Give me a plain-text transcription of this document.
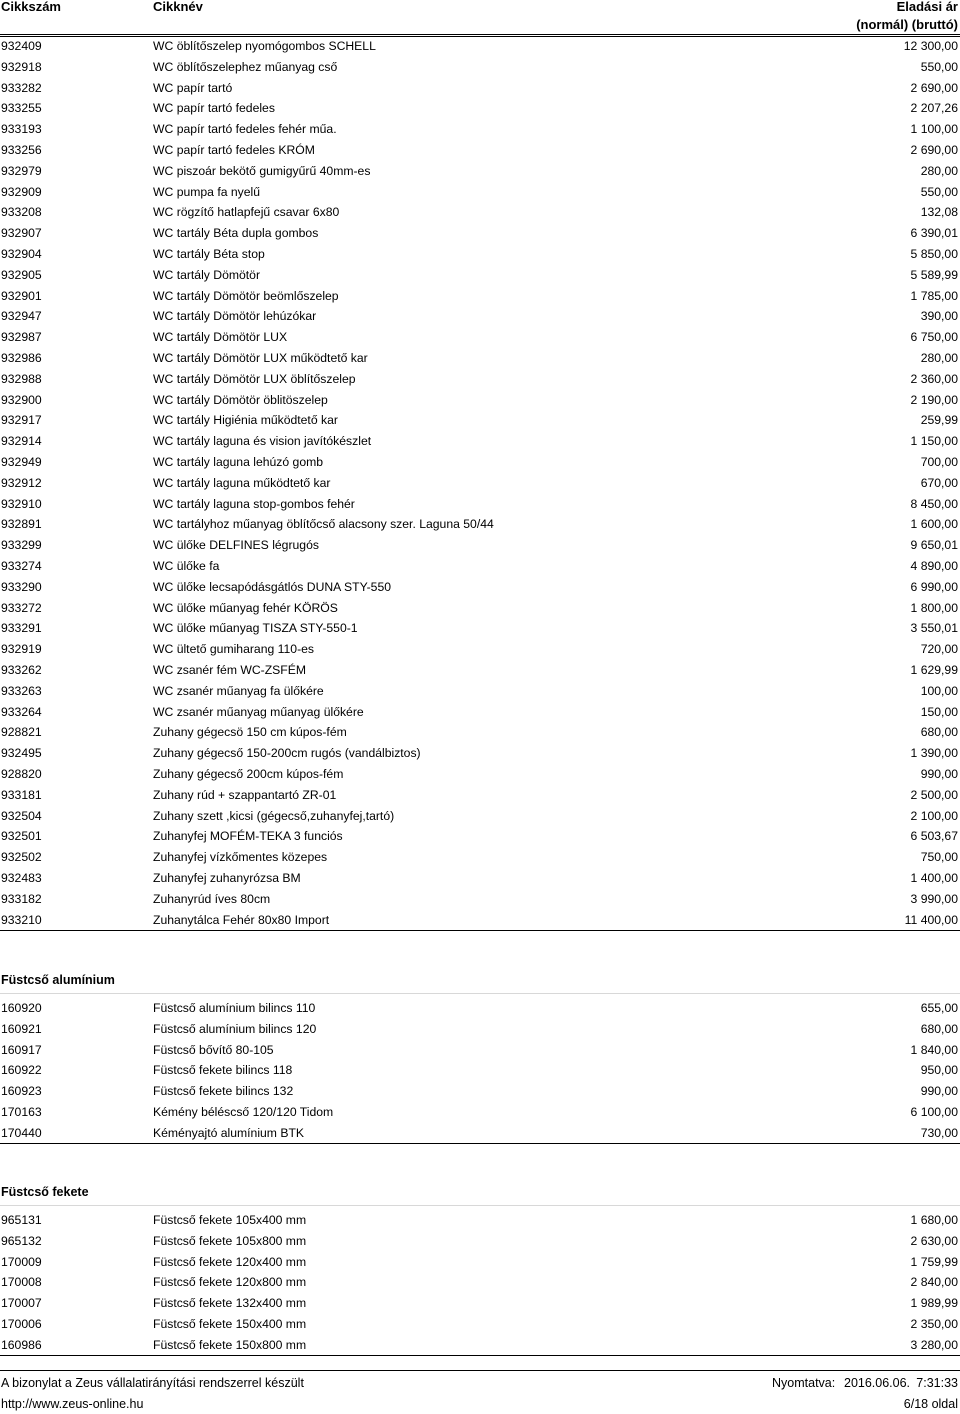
Cikkszám	Cikknév	Eladási ár
(normál) (bruttó)
932409	WC öblítőszelep nyomógombos SCHELL	12 300,00
932918	WC öblítőszelephez műanyag cső	550,00
933282	WC papír tartó	2 690,00
933255	WC papír tartó fedeles	2 207,26
933193	WC papír tartó fedeles fehér műa.	1 100,00
933256	WC papír tartó fedeles KRÓM	2 690,00
932979	WC piszoár bekötő gumigyűrű 40mm-es	280,00
932909	WC pumpa fa nyelű	550,00
933208	WC rögzítő hatlapfejű csavar 6x80	132,08
932907	WC tartály Béta dupla gombos	6 390,01
932904	WC tartály Béta stop	5 850,00
932905	WC tartály Dömötör	5 589,99
932901	WC tartály Dömötör beömlőszelep	1 785,00
932947	WC tartály Dömötör lehúzókar	390,00
932987	WC tartály Dömötör LUX	6 750,00
932986	WC tartály Dömötör LUX működtető kar	280,00
932988	WC tartály Dömötör LUX öblítőszelep	2 360,00
932900	WC tartály Dömötör öblitöszelep	2 190,00
932917	WC tartály Higiénia működtető kar	259,99
932914	WC tartály laguna és vision javítókészlet	1 150,00
932949	WC tartály laguna lehúzó gomb	700,00
932912	WC tartály laguna működtető kar	670,00
932910	WC tartály laguna stop-gombos fehér	8 450,00
932891	WC tartályhoz műanyag öblítőcső alacsony szer. Laguna 50/44	1 600,00
933299	WC ülőke DELFINES légrugós	9 650,01
933274	WC ülőke fa	4 890,00
933290	WC ülőke lecsapódásgátlós DUNA STY-550	6 990,00
933272	WC ülőke műanyag fehér KÖRÖS	1 800,00
933291	WC ülőke műanyag TISZA STY-550-1	3 550,01
932919	WC ültető gumiharang 110-es	720,00
933262	WC zsanér fém WC-ZSFÉM	1 629,99
933263	WC zsanér műanyag fa ülőkére	100,00
933264	WC zsanér műanyag műanyag ülőkére	150,00
928821	Zuhany gégecsö 150 cm kúpos-fém	680,00
932495	Zuhany gégecső 150-200cm rugós (vandálbiztos)	1 390,00
928820	Zuhany gégecső 200cm kúpos-fém	990,00
933181	Zuhany rúd + szappantartó ZR-01	2 500,00
932504	Zuhany szett ,kicsi (gégecső,zuhanyfej,tartó)	2 100,00
932501	Zuhanyfej MOFÉM-TEKA 3 funciós	6 503,67
932502	Zuhanyfej vízkőmentes közepes	750,00
932483	Zuhanyfej zuhanyrózsa BM	1 400,00
933182	Zuhanyrúd íves 80cm	3 990,00
933210	Zuhanytálca Fehér 80x80 Import	11 400,00
Füstcső alumínium
160920	Füstcső alumínium bilincs 110	655,00
160921	Füstcső alumínium bilincs 120	680,00
160917	Füstcső bővítő 80-105	1 840,00
160922	Füstcső fekete bilincs 118	950,00
160923	Füstcső fekete bilincs 132	990,00
170163	Kémény béléscső 120/120 Tidom	6 100,00
170440	Kéményajtó alumínium BTK	730,00
Füstcső fekete
965131	Füstcső fekete 105x400 mm	1 680,00
965132	Füstcső fekete 105x800 mm	2 630,00
170009	Füstcső fekete 120x400 mm	1 759,99
170008	Füstcső fekete 120x800 mm	2 840,00
170007	Füstcső fekete 132x400 mm	1 989,99
170006	Füstcső fekete 150x400 mm	2 350,00
160986	Füstcső fekete 150x800 mm	3 280,00
A bizonylat a Zeus vállalatirányítási rendszerrel készült
http://www.zeus-online.hu
Nyomtatva: 2016.06.06. 7:31:33
6/18 oldal
